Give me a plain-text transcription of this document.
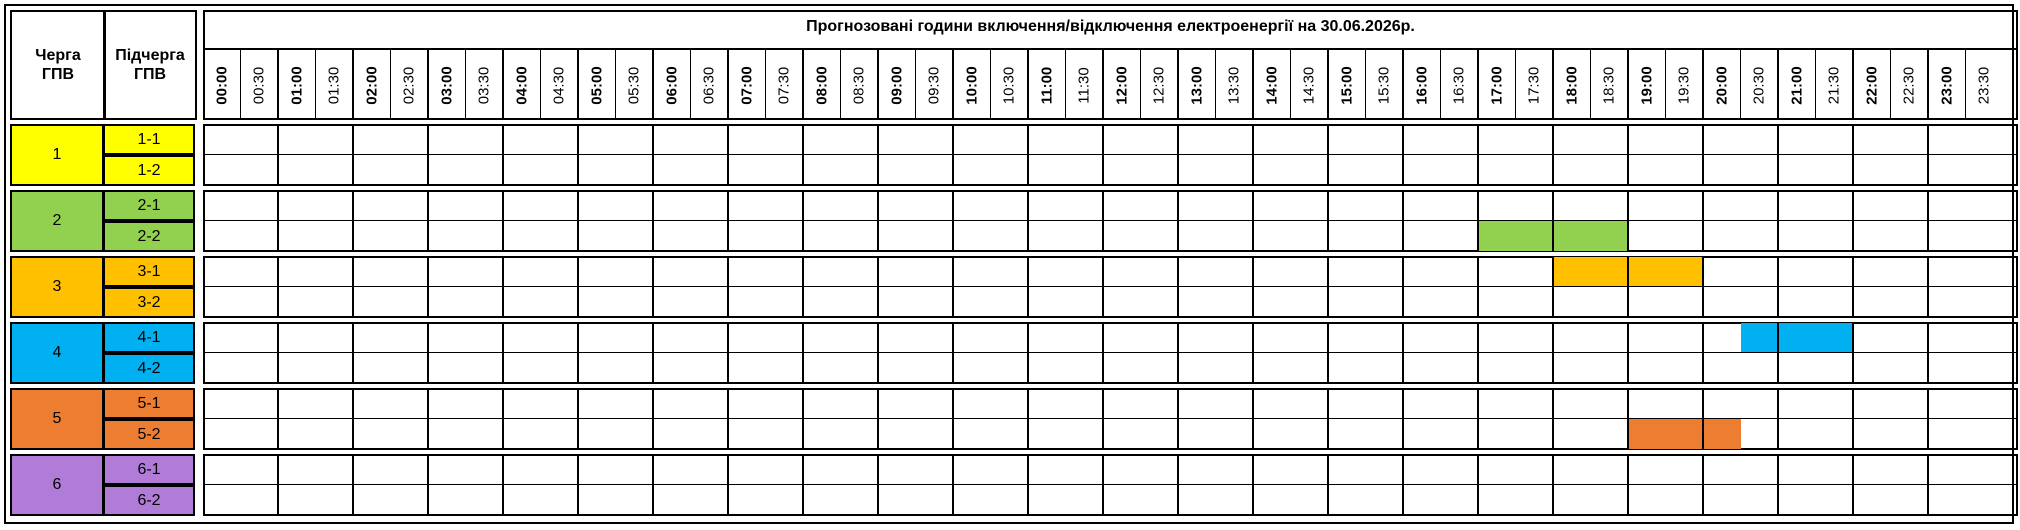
Черга
ГПВ
Підчерга
ГПВ
Прогнозовані години включення/відключення електроенергії на 30.06.2026р.
00:00 00:30 01:00 01:30 02:00 02:30 03:00 03:30 04:00 04:30 05:00 05:30 06:00 06:30 07:00 07:30 08:00 08:30 09:00 09:30 10:00 10:30 11:00 11:30 12:00 12:30 13:00 13:30 14:00 14:30 15:00 15:30 16:00 16:30 17:00 17:30 18:00 18:30 19:00 19:30 20:00 20:30 21:00 21:30 22:00 22:30 23:00 23:30
1
1-1
1-2
2
2-1
2-2
3
3-1
3-2
4
4-1
4-2
5
5-1
5-2
6
6-1
6-2
